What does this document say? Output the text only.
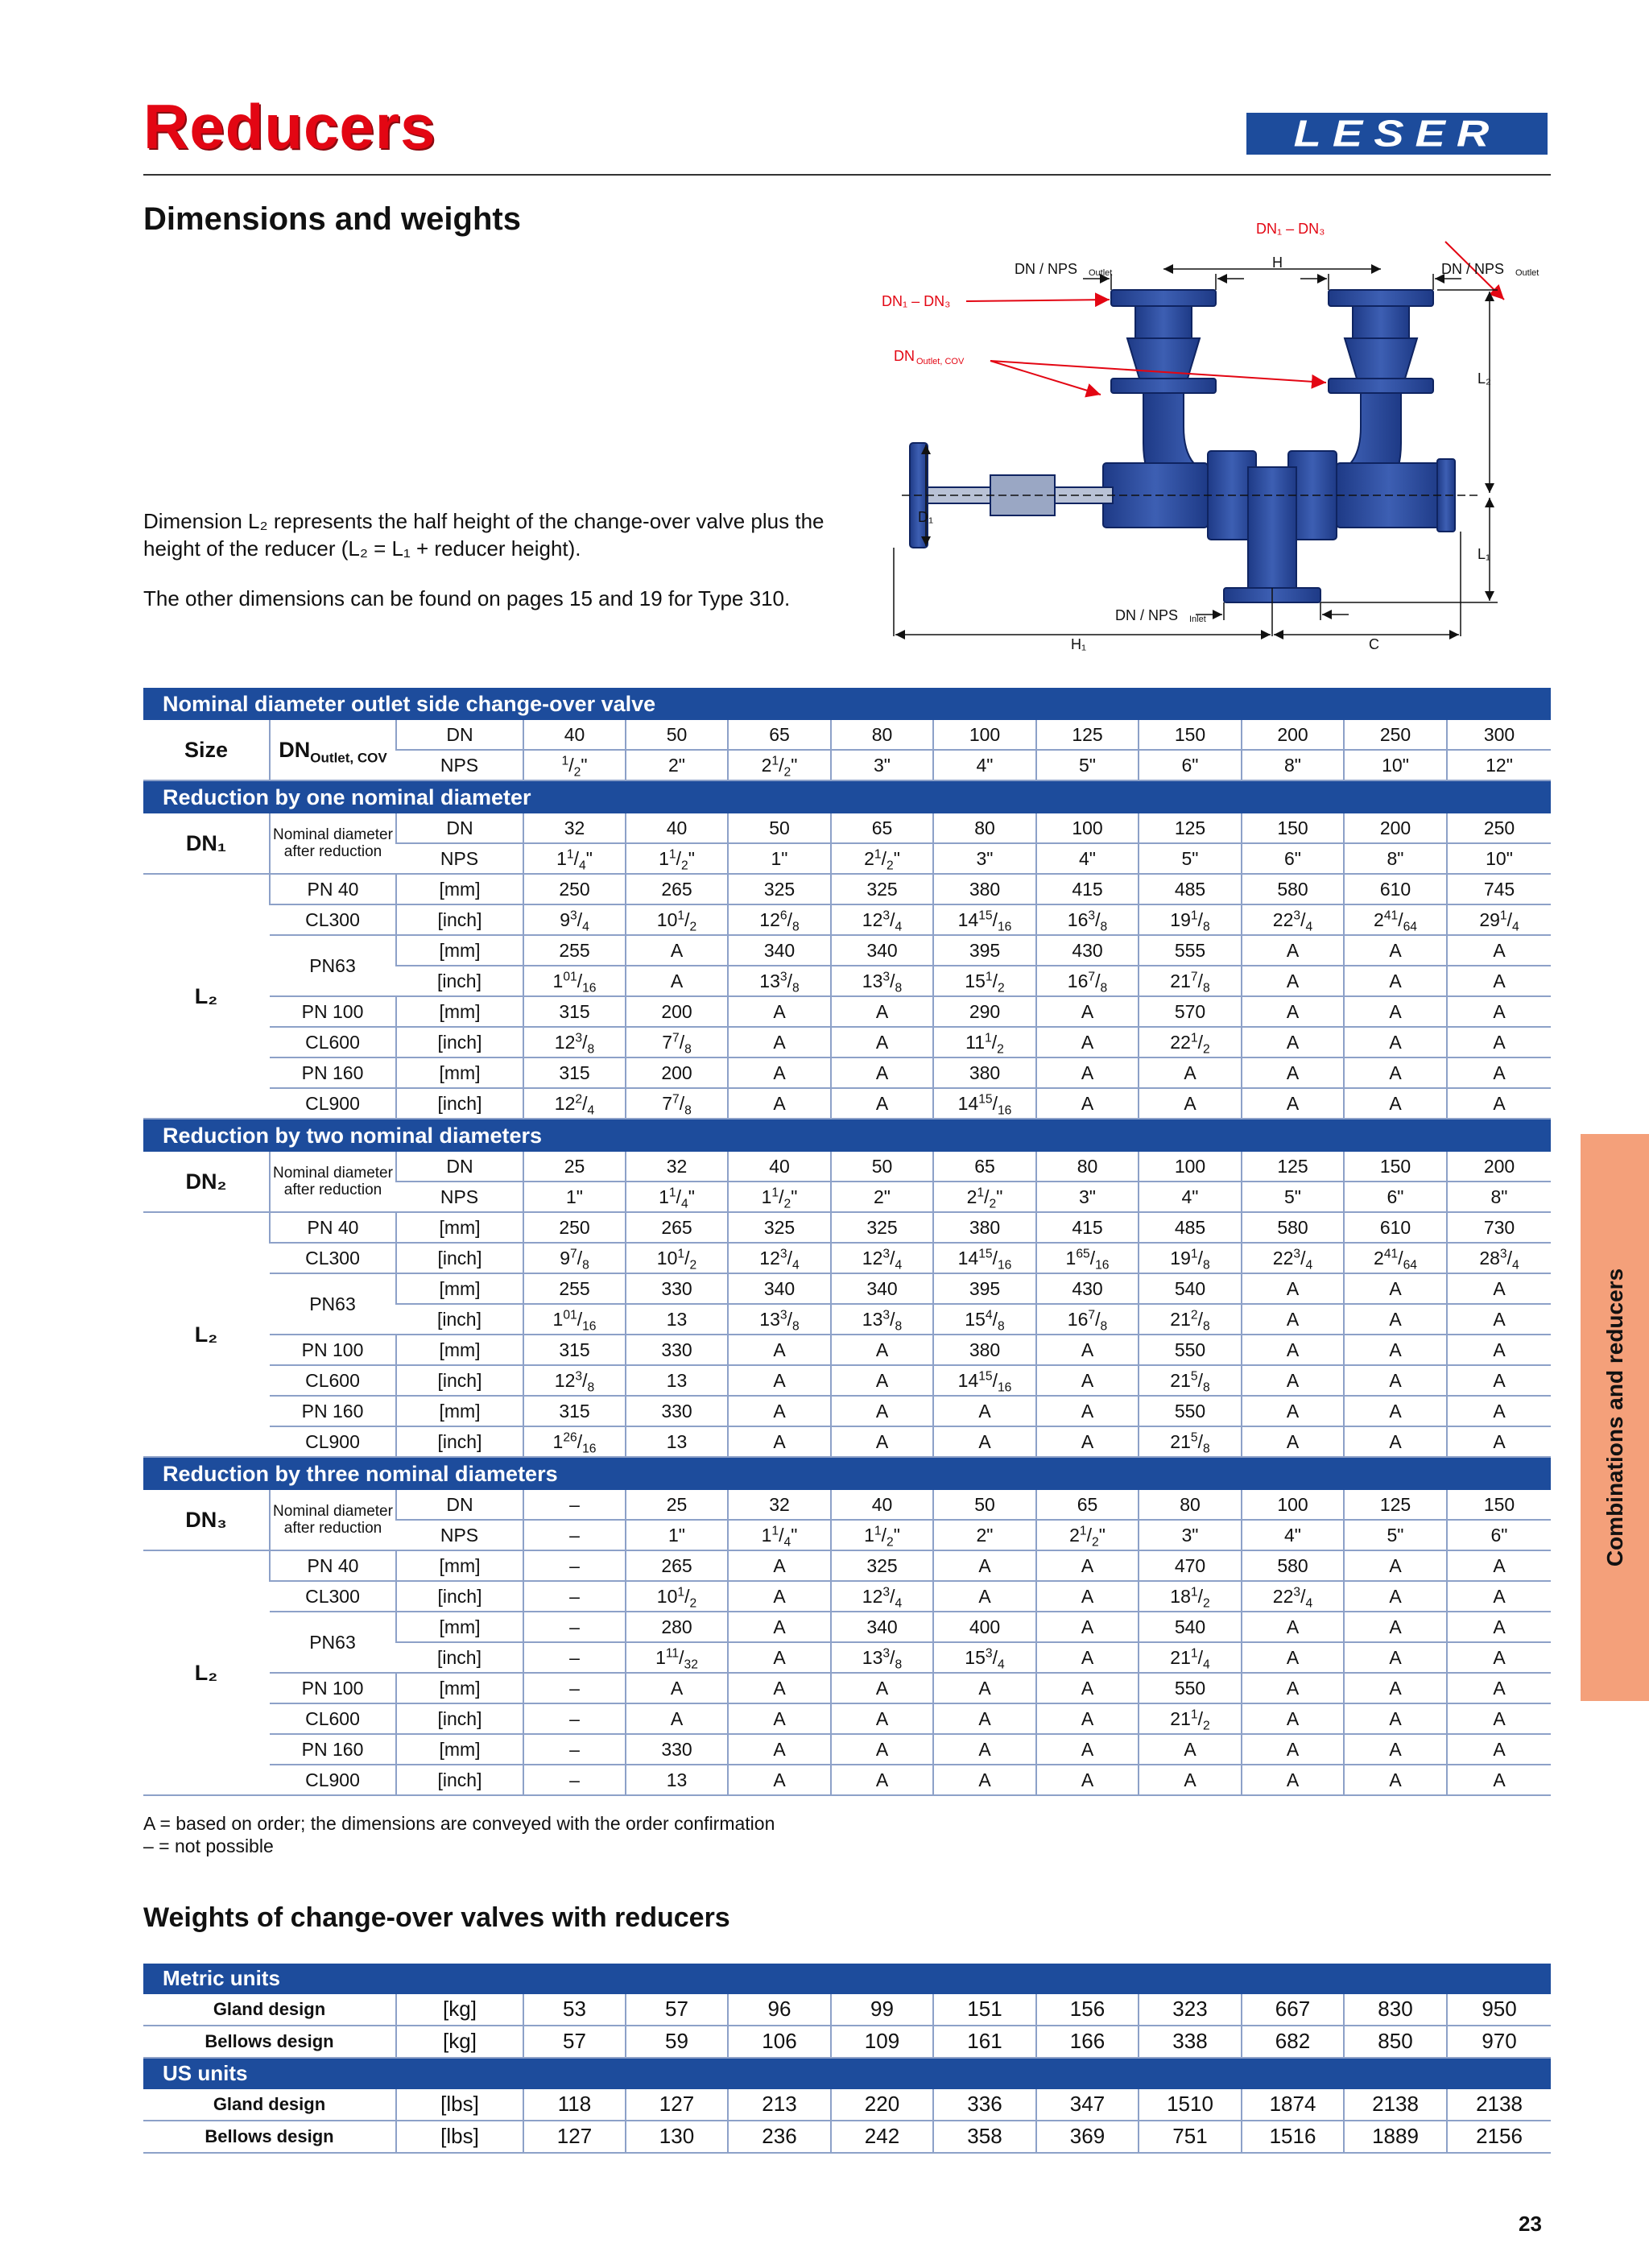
Reducers	LESER
Dimensions and weights

Dimension L₂ represents the half height of the change-over valve plus the height of the reducer (L₂ = L₁ + reducer height).

The other dimensions can be found on pages 15 and 19 for Type 310.

DN₁ – DN₃
DN₁ – DN₃
DN / NPS Outlet	DN / NPS Outlet
DN Outlet, COV
H
L₂
L₁
D₁
DN / NPS Inlet
H₁	C
Nominal diameter outlet side change-over valve												
Size	$DN_{Outlet, COV}$	DN	40	50	65	80	100	125	150	200	250	300
		NPS	$^1/_2$"	2"	$2^1/_2$"	3"	4"	5"	6"	8"	10"	12"
Reduction by one nominal diameter												
DN₁	Nominal diameter after reduction	DN	32	40	50	65	80	100	125	150	200	250
		NPS	$1^1/_4$"	$1^1/_2$"	1"	$2^1/_2$"	3"	4"	5"	6"	8"	10"
L₂	PN 40	[mm]	250	265	325	325	380	415	485	580	610	745
	CL300	[inch]	$9^3/_4$	$10^1/_2$	$12^6/_8$	$12^3/_4$	$14^{15}/_{16}$	$16^3/_8$	$19^1/_8$	$22^3/_4$	$2^{41}/_{64}$	$29^1/_4$
	PN63	[mm]	255	A	340	340	395	430	555	A	A	A
		[inch]	$1^{01}/_{16}$	A	$13^3/_8$	$13^3/_8$	$15^1/_2$	$16^7/_8$	$21^7/_8$	A	A	A
	PN 100	[mm]	315	200	A	A	290	A	570	A	A	A
	CL600	[inch]	$12^3/_8$	$7^7/_8$	A	A	$11^1/_2$	A	$22^1/_2$	A	A	A
	PN 160	[mm]	315	200	A	A	380	A	A	A	A	A
	CL900	[inch]	$12^2/_4$	$7^7/_8$	A	A	$14^{15}/_{16}$	A	A	A	A	A
Reduction by two nominal diameters												
DN₂	Nominal diameter after reduction	DN	25	32	40	50	65	80	100	125	150	200
		NPS	1"	$1^1/_4$"	$1^1/_2$"	2"	$2^1/_2$"	3"	4"	5"	6"	8"
L₂	PN 40	[mm]	250	265	325	325	380	415	485	580	610	730
	CL300	[inch]	$9^7/_8$	$10^1/_2$	$12^3/_4$	$12^3/_4$	$14^{15}/_{16}$	$1^{65}/_{16}$	$19^1/_8$	$22^3/_4$	$2^{41}/_{64}$	$28^3/_4$
	PN63	[mm]	255	330	340	340	395	430	540	A	A	A
		[inch]	$1^{01}/_{16}$	13	$13^3/_8$	$13^3/_8$	$15^4/_8$	$16^7/_8$	$21^2/_8$	A	A	A
	PN 100	[mm]	315	330	A	A	380	A	550	A	A	A
	CL600	[inch]	$12^3/_8$	13	A	A	$14^{15}/_{16}$	A	$21^5/_8$	A	A	A
	PN 160	[mm]	315	330	A	A	A	A	550	A	A	A
	CL900	[inch]	$1^{26}/_{16}$	13	A	A	A	A	$21^5/_8$	A	A	A
Reduction by three nominal diameters												
DN₃	Nominal diameter after reduction	DN	–	25	32	40	50	65	80	100	125	150
		NPS	–	1"	$1^1/_4$"	$1^1/_2$"	2"	$2^1/_2$"	3"	4"	5"	6"
L₂	PN 40	[mm]	–	265	A	325	A	A	470	580	A	A
	CL300	[inch]	–	$10^1/_2$	A	$12^3/_4$	A	A	$18^1/_2$	$22^3/_4$	A	A
	PN63	[mm]	–	280	A	340	400	A	540	A	A	A
		[inch]	–	$1^{11}/_{32}$	A	$13^3/_8$	$15^3/_4$	A	$21^1/_4$	A	A	A
	PN 100	[mm]	–	A	A	A	A	A	550	A	A	A
	CL600	[inch]	–	A	A	A	A	A	$21^1/_2$	A	A	A
	PN 160	[mm]	–	330	A	A	A	A	A	A	A	A
	CL900	[inch]	–	13	A	A	A	A	A	A	A	A
A = based on order; the dimensions are conveyed with the order confirmation
– = not possible
Weights of change-over valves with reducers
Metric units											
Gland design	[kg]	53	57	96	99	151	156	323	667	830	950
Bellows design	[kg]	57	59	106	109	161	166	338	682	850	970
US units											
Gland design	[lbs]	118	127	213	220	336	347	1510	1874	2138	2138
Bellows design	[lbs]	127	130	236	242	358	369	751	1516	1889	2156
Combinations and reducers
23
